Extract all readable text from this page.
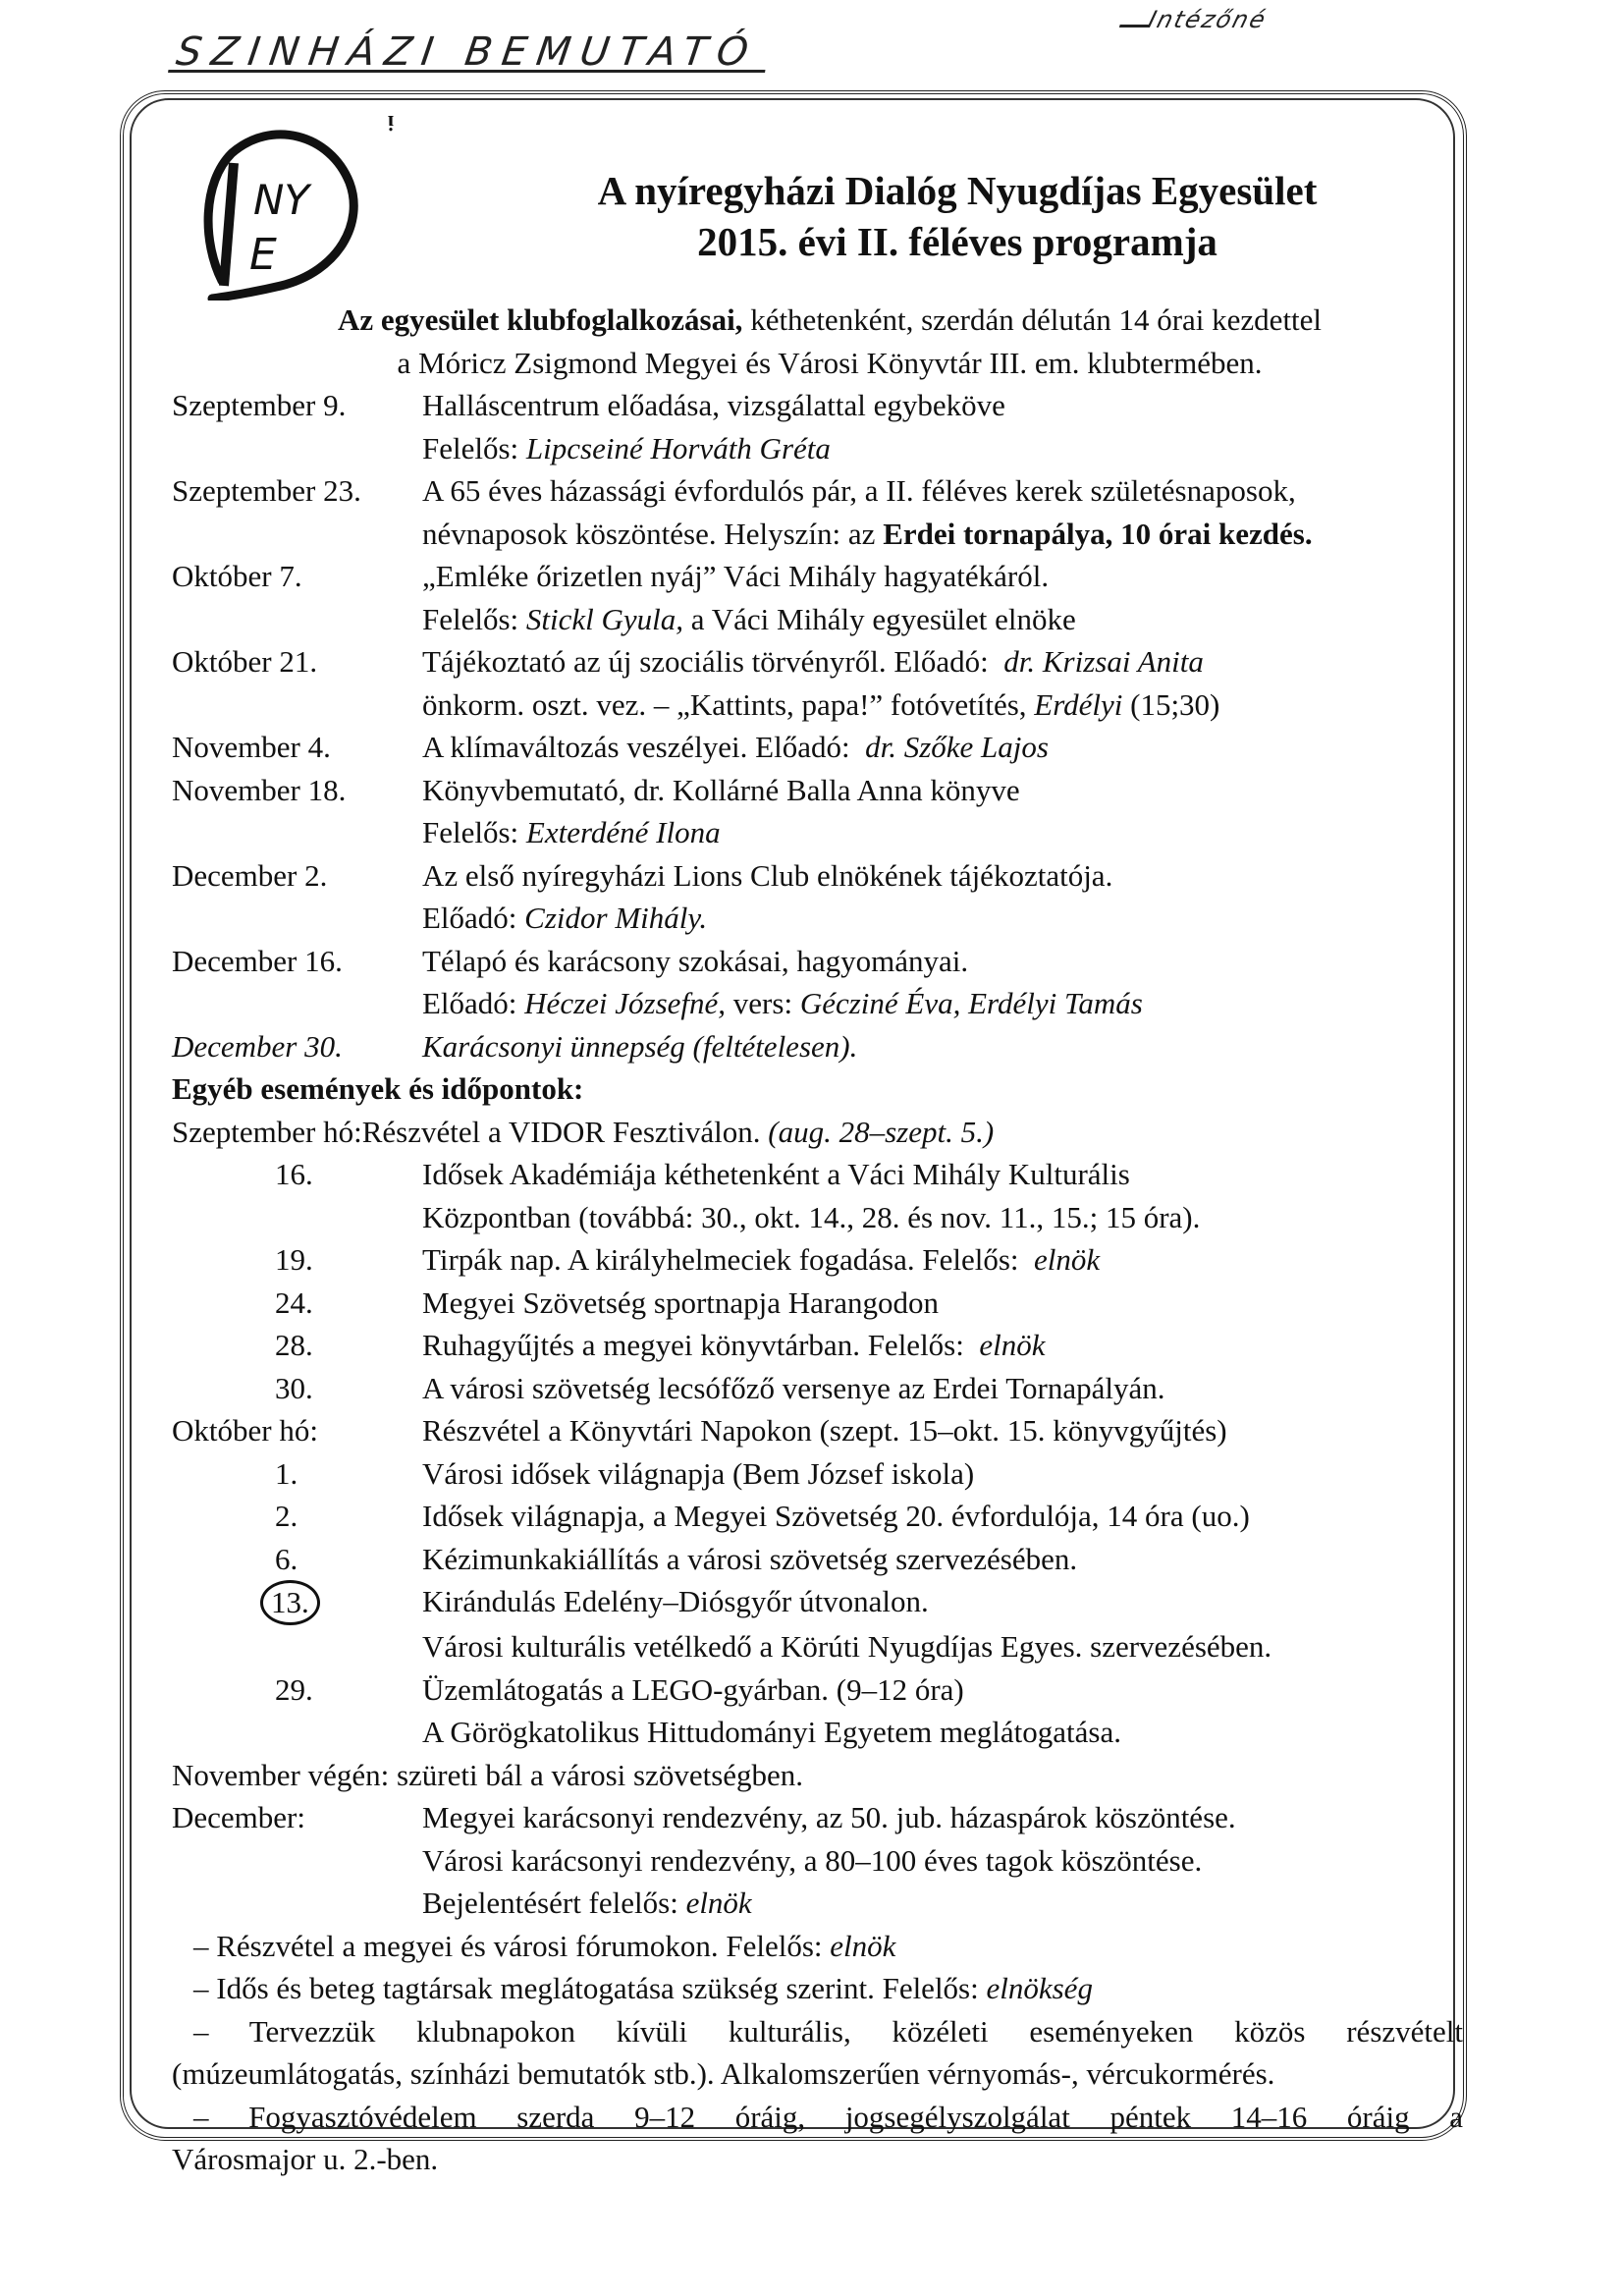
SZINHÁZI BEMUTATÓ
Intézőné
ᴉ
NY
E
A nyíregyházi Dialóg Nyugdíjas Egyesület
2015. évi II. féléves programja
Az egyesület klubfoglalkozásai, kéthetenként, szerdán délután 14 órai kezdettel
a Móricz Zsigmond Megyei és Városi Könyvtár III. em. klubtermében.
Szeptember 9.	Halláscentrum előadása, vizsgálattal egybeköve
Felelős:
Lipcseiné Horváth Gréta
Szeptember 23.	A 65 éves házassági évfordulós pár, a II. féléves kerek születésnaposok,
névnaposok köszöntése. Helyszín: az
Erdei tornapálya, 10 órai kezdés.
Október 7.	„Emléke őrizetlen nyáj” Váci Mihály hagyatékáról.
Felelős:
Stickl Gyula,
a Váci Mihály egyesület elnöke
Október 21.	Tájékoztató az új szociális törvényről. Előadó:  dr. Krizsai Anita
önkorm. oszt. vez. – „Kattints, papa!” fotóvetítés,
Erdélyi
(15;30)
November 4.	A klímaváltozás veszélyei. Előadó:  dr. Szőke Lajos
November 18.	Könyvbemutató, dr. Kollárné Balla Anna könyve
Felelős:
Exterdéné Ilona
December 2.	Az első nyíregyházi Lions Club elnökének tájékoztatója.
Előadó:
Czidor Mihály.
December 16.	Télapó és karácsony szokásai, hagyományai.
Előadó:
Héczei Józsefné,
vers:
Gécziné Éva, Erdélyi Tamás
December 30.	Karácsonyi ünnepség (feltételesen).
Egyéb események és időpontok:
Szeptember hó: Részvétel a VIDOR Fesztiválon.
(aug. 28–szept. 5.)
16.	Idősek Akadémiája kéthetenként a Váci Mihály Kulturális
Központban (továbbá: 30., okt. 14., 28. és nov. 11., 15.; 15 óra).
19.	Tirpák nap. A királyhelmeciek fogadása. Felelős:  elnök
24.	Megyei Szövetség sportnapja Harangodon
28.	Ruhagyűjtés a megyei könyvtárban. Felelős:  elnök
30.	A városi szövetség lecsófőző versenye az Erdei Tornapályán.
Október hó:	Részvétel a Könyvtári Napokon (szept. 15–okt. 15. könyvgyűjtés)
1.	Városi idősek világnapja (Bem József iskola)
2.	Idősek világnapja, a Megyei Szövetség 20. évfordulója, 14 óra (uo.)
6.	Kézimunkakiállítás a városi szövetség szervezésében.
13.	Kirándulás Edelény–Diósgyőr útvonalon.
Városi kulturális vetélkedő a Körúti Nyugdíjas Egyes. szervezésében.
29.	Üzemlátogatás a LEGO-gyárban. (9–12 óra)
A Görögkatolikus Hittudományi Egyetem meglátogatása.
November végén: szüreti bál a városi szövetségben.
December:	Megyei karácsonyi rendezvény, az 50. jub. házaspárok köszöntése.
Városi karácsonyi rendezvény, a 80–100 éves tagok köszöntése.
Bejelentésért felelős:
elnök
– Részvétel a megyei és városi fórumokon. Felelős:
elnök
– Idős és beteg tagtársak meglátogatása szükség szerint. Felelős:
elnökség
– Tervezzük klubnapokon kívüli kulturális, közéleti eseményeken közös részvételt
(múzeumlátogatás, színházi bemutatók stb.). Alkalomszerűen vérnyomás-, vércukormérés.
– Fogyasztóvédelem szerda 9–12 óráig, jogsegélyszolgálat péntek 14–16 óráig a
Városmajor u. 2.-ben.
